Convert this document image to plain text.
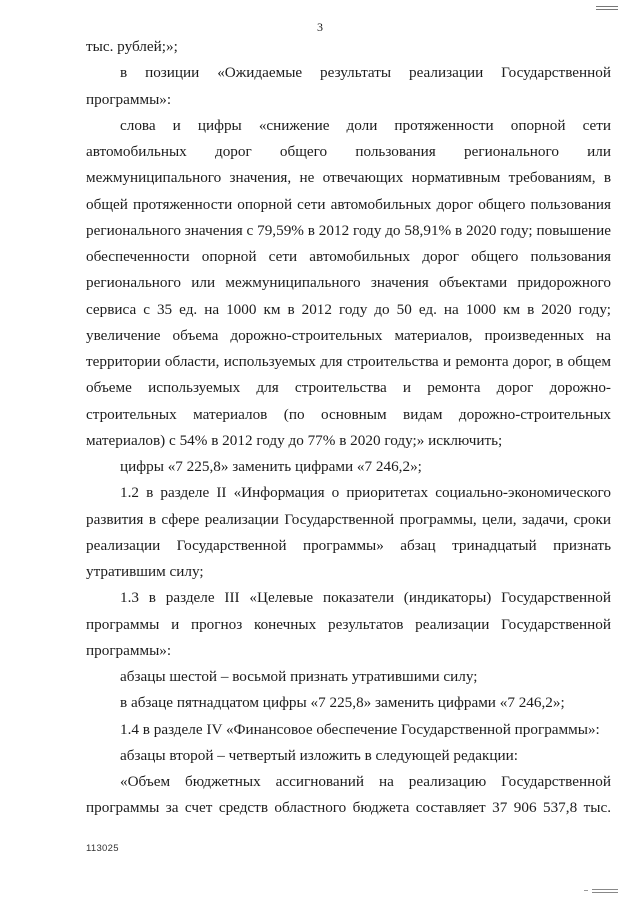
3

тыс. рублей;»;

в позиции «Ожидаемые результаты реализации Государственной

программы»:

слова и цифры «снижение доли протяженности опорной сети

автомобильных дорог общего пользования регионального или

межмуниципального значения, не отвечающих нормативным требованиям, в

общей протяженности опорной сети автомобильных дорог общего пользования

регионального значения с 79,59% в 2012 году до 58,91% в 2020 году; повышение

обеспеченности опорной сети автомобильных дорог общего пользования

регионального или межмуниципального значения объектами придорожного

сервиса с 35 ед. на 1000 км в 2012 году до 50 ед. на 1000 км в 2020 году;

увеличение объема дорожно-строительных материалов, произведенных на

территории области, используемых для строительства и ремонта дорог, в общем

объеме используемых для строительства и ремонта дорог дорожно-

строительных материалов (по основным видам дорожно-строительных

материалов) с 54% в 2012 году до 77% в 2020 году;» исключить;

цифры «7 225,8» заменить цифрами «7 246,2»;

1.2 в разделе II «Информация о приоритетах социально-экономического

развития в сфере реализации Государственной программы, цели, задачи, сроки

реализации Государственной программы» абзац тринадцатый признать

утратившим силу;

1.3 в разделе III «Целевые показатели (индикаторы) Государственной

программы и прогноз конечных результатов реализации Государственной

программы»:

абзацы шестой – восьмой признать утратившими силу;

в абзаце пятнадцатом цифры «7 225,8» заменить цифрами «7 246,2»;

1.4 в разделе IV «Финансовое обеспечение Государственной программы»:

абзацы второй – четвертый изложить в следующей редакции:

«Объем бюджетных ассигнований на реализацию Государственной

программы за счет средств областного бюджета составляет 37 906 537,8 тыс.

113025
